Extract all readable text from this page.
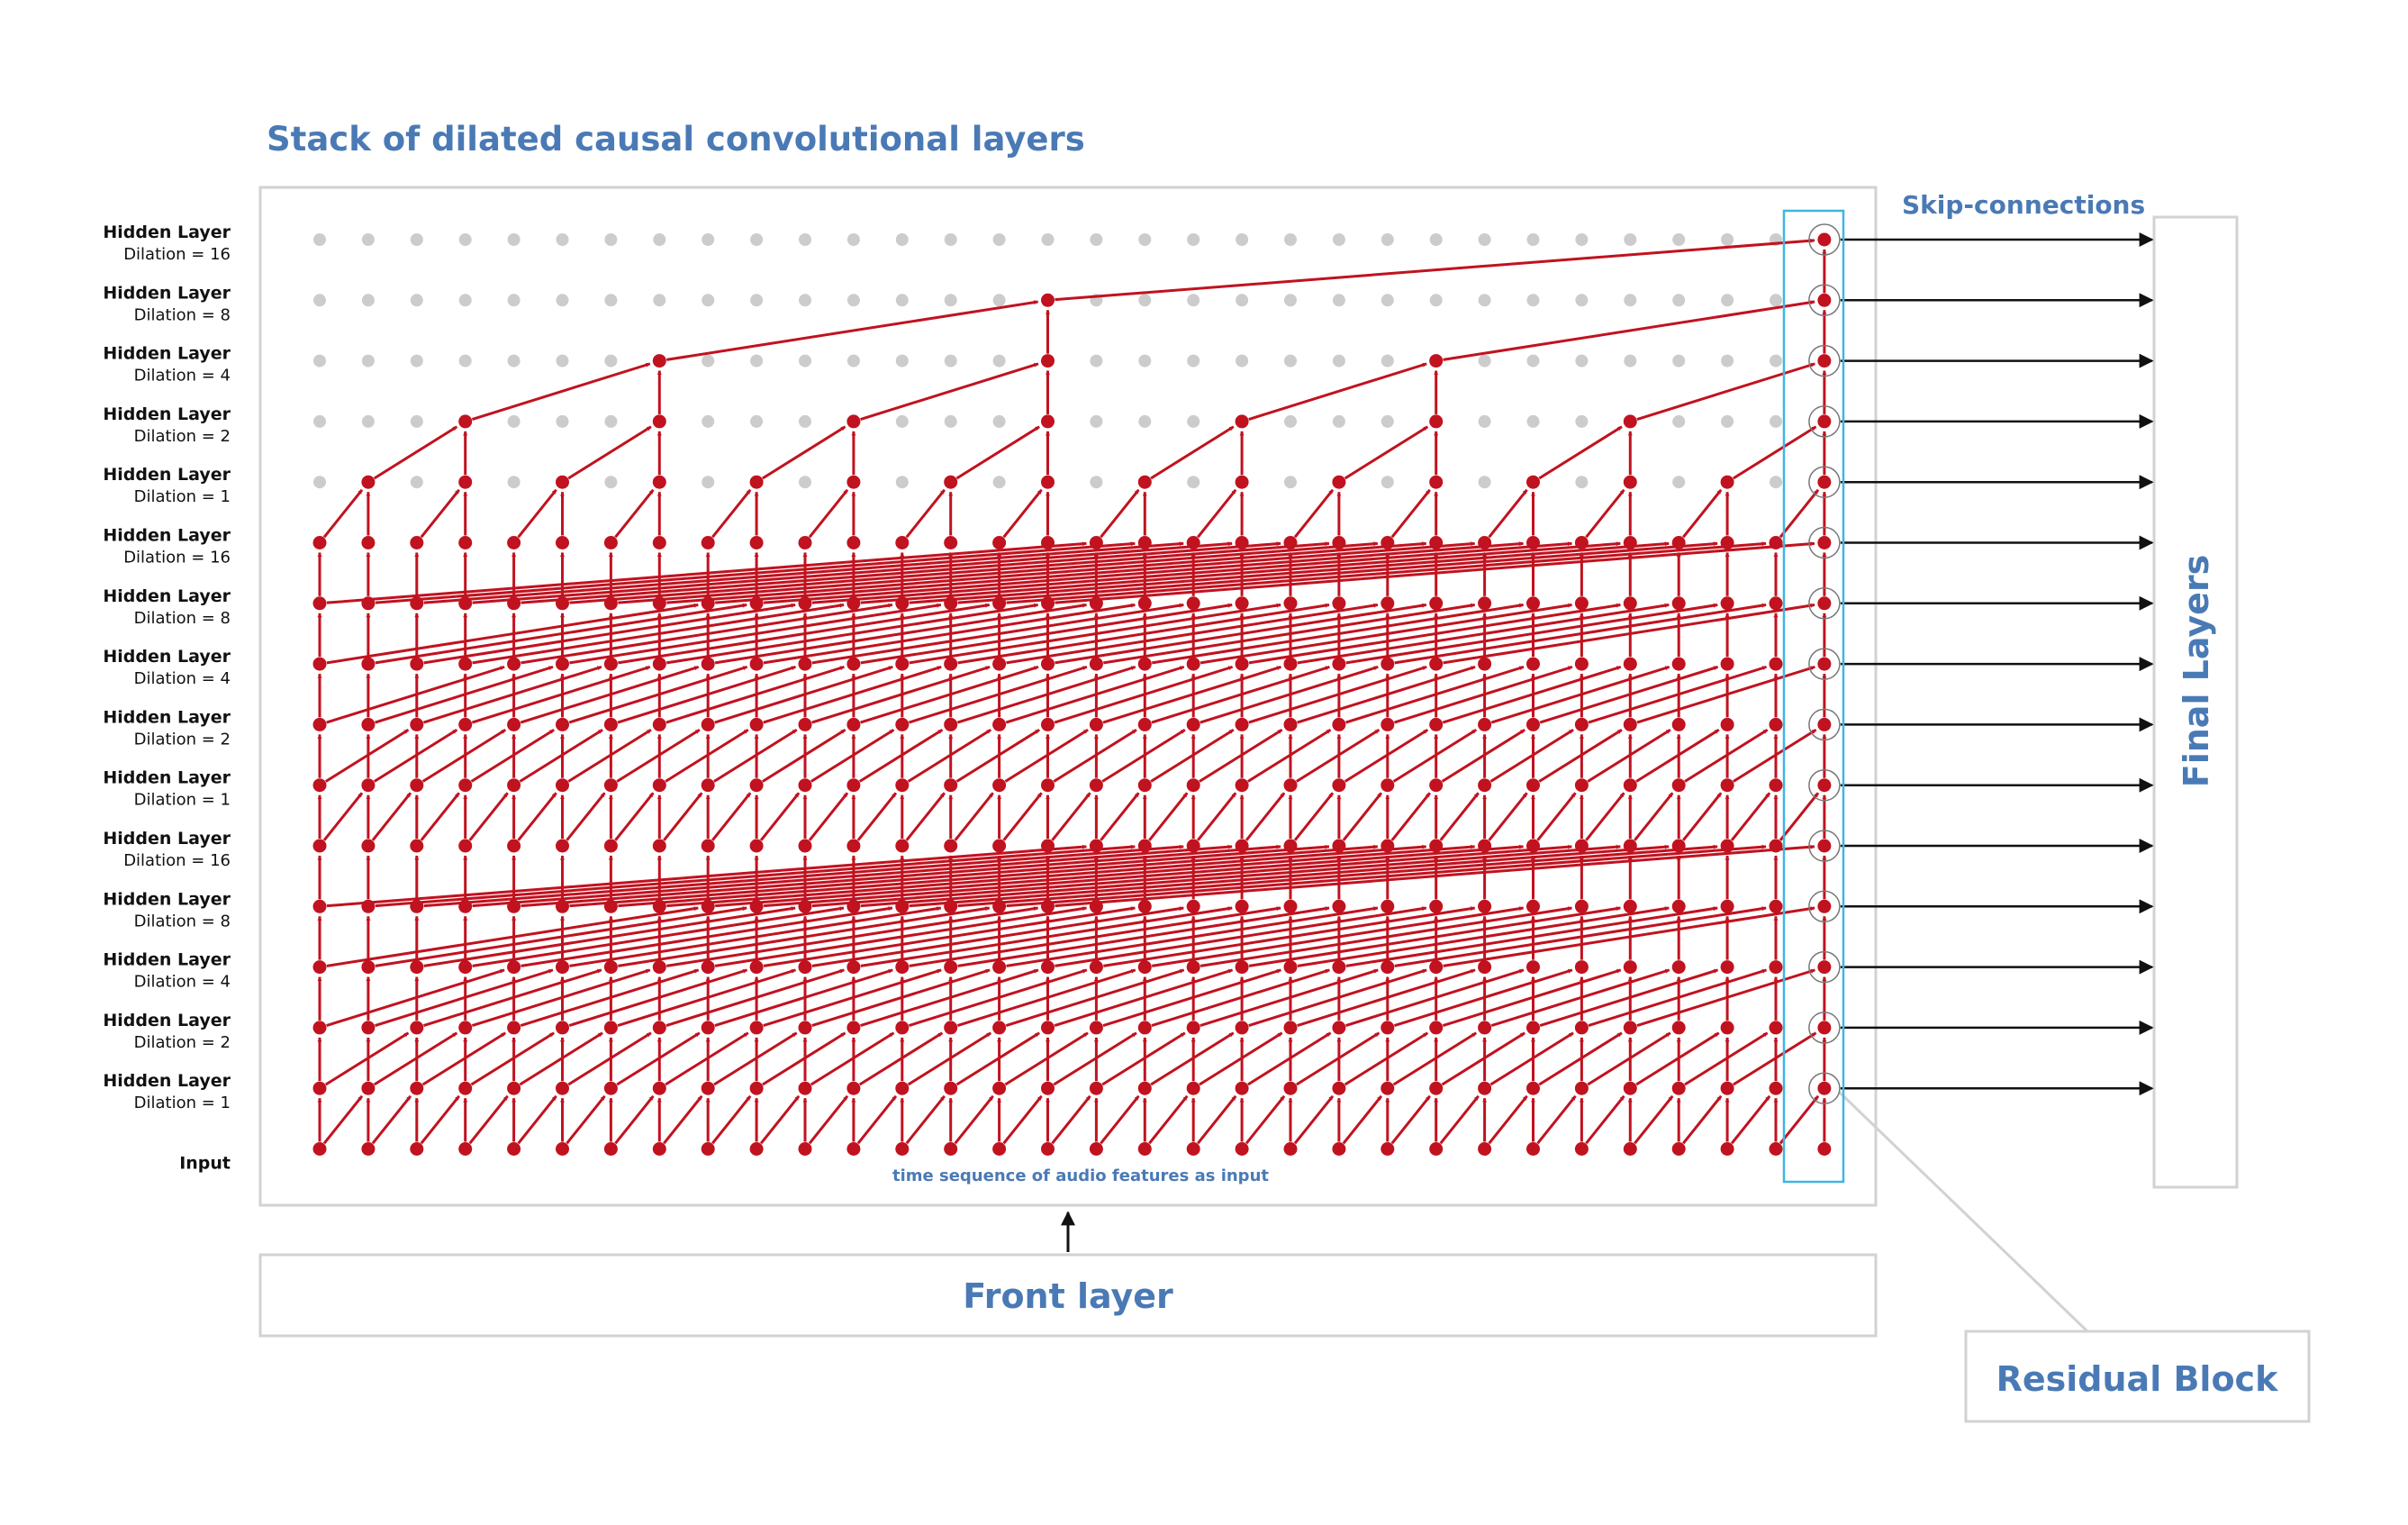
Stack of dilated causal convolutional layers
Skip-connections
Final Layers
Front layer
Residual Block
time sequence of audio features as input
Hidden Layer
Dilation = 16
Hidden Layer
Dilation = 8
Hidden Layer
Dilation = 4
Hidden Layer
Dilation = 2
Hidden Layer
Dilation = 1
Hidden Layer
Dilation = 16
Hidden Layer
Dilation = 8
Hidden Layer
Dilation = 4
Hidden Layer
Dilation = 2
Hidden Layer
Dilation = 1
Hidden Layer
Dilation = 16
Hidden Layer
Dilation = 8
Hidden Layer
Dilation = 4
Hidden Layer
Dilation = 2
Hidden Layer
Dilation = 1
Input
